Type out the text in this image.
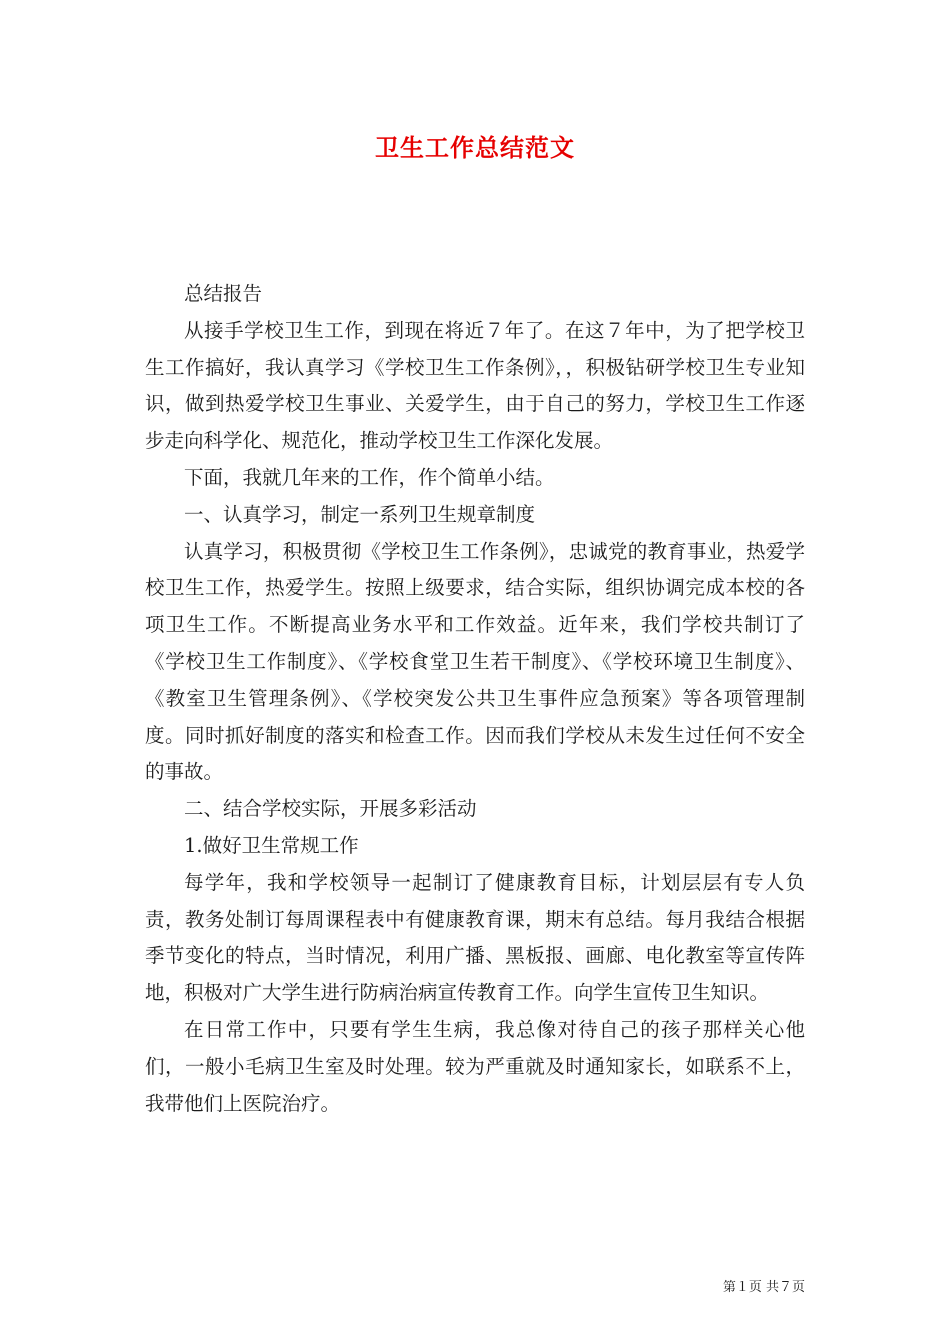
卫生工作总结范文

总结报告

从接手学校卫生工作，到现在将近７年了。在这７年中，为了把学校卫生工作搞好，我认真学习《学校卫生工作条例》，，积极钻研学校卫生专业知识，做到热爱学校卫生事业、关爱学生，由于自己的努力，学校卫生工作逐步走向科学化、规范化，推动学校卫生工作深化发展。

下面，我就几年来的工作，作个简单小结。

一、认真学习，制定一系列卫生规章制度

认真学习，积极贯彻《学校卫生工作条例》，忠诚党的教育事业，热爱学校卫生工作，热爱学生。按照上级要求，结合实际，组织协调完成本校的各项卫生工作。不断提高业务水平和工作效益。近年来，我们学校共制订了《学校卫生工作制度》、《学校食堂卫生若干制度》、《学校环境卫生制度》、《教室卫生管理条例》、《学校突发公共卫生事件应急预案》等各项管理制度。同时抓好制度的落实和检查工作。因而我们学校从未发生过任何不安全的事故。

二、结合学校实际，开展多彩活动

1.做好卫生常规工作

每学年，我和学校领导一起制订了健康教育目标，计划层层有专人负责，教务处制订每周课程表中有健康教育课，期末有总结。每月我结合根据季节变化的特点，当时情况，利用广播、黑板报、画廊、电化教室等宣传阵地，积极对广大学生进行防病治病宣传教育工作。向学生宣传卫生知识。

在日常工作中，只要有学生生病，我总像对待自己的孩子那样关心他们，一般小毛病卫生室及时处理。较为严重就及时通知家长，如联系不上，我带他们上医院治疗。

第１页 共７页
